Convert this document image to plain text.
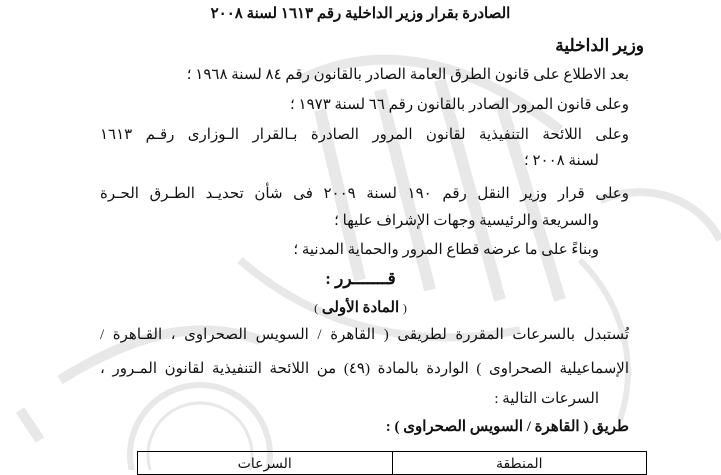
الصادرة بقرار وزير الداخلية رقم ١٦١٣ لسنة ٢٠٠٨
وزير الداخلية
بعد الاطلاع على قانون الطرق العامة الصادر بالقانون رقم ٨٤ لسنة ١٩٦٨ ؛
وعلى قانون المرور الصادر بالقانون رقم ٦٦ لسنة ١٩٧٣ ؛
وعلى اللائحة التنفيذية لقانون المرور الصادرة بـالقرار الـوزارى رقـم ١٦١٣
لسنة ٢٠٠٨ ؛
وعلى قرار وزير النقل رقم ١٩٠ لسنة ٢٠٠٩ فى شأن تحديـد الطـرق الحـرة
والسريعة والرئيسية وجهات الإشراف عليها ؛
وبناءً على ما عرضه قطاع المرور والحماية المدنية ؛
قـــــــرر :
( المادة الأولى )
تُستبدل بالسرعات المقررة لطريقى ( القاهرة / السويس الصحراوى ، القـاهرة /
الإسماعيلية الصحراوى ) الواردة بالمادة (٤٩) من اللائحة التنفيذية لقانون المـرور ،
السرعات التالية :
طريق ( القاهرة / السويس الصحراوى ) :
المنطقة	السرعات
